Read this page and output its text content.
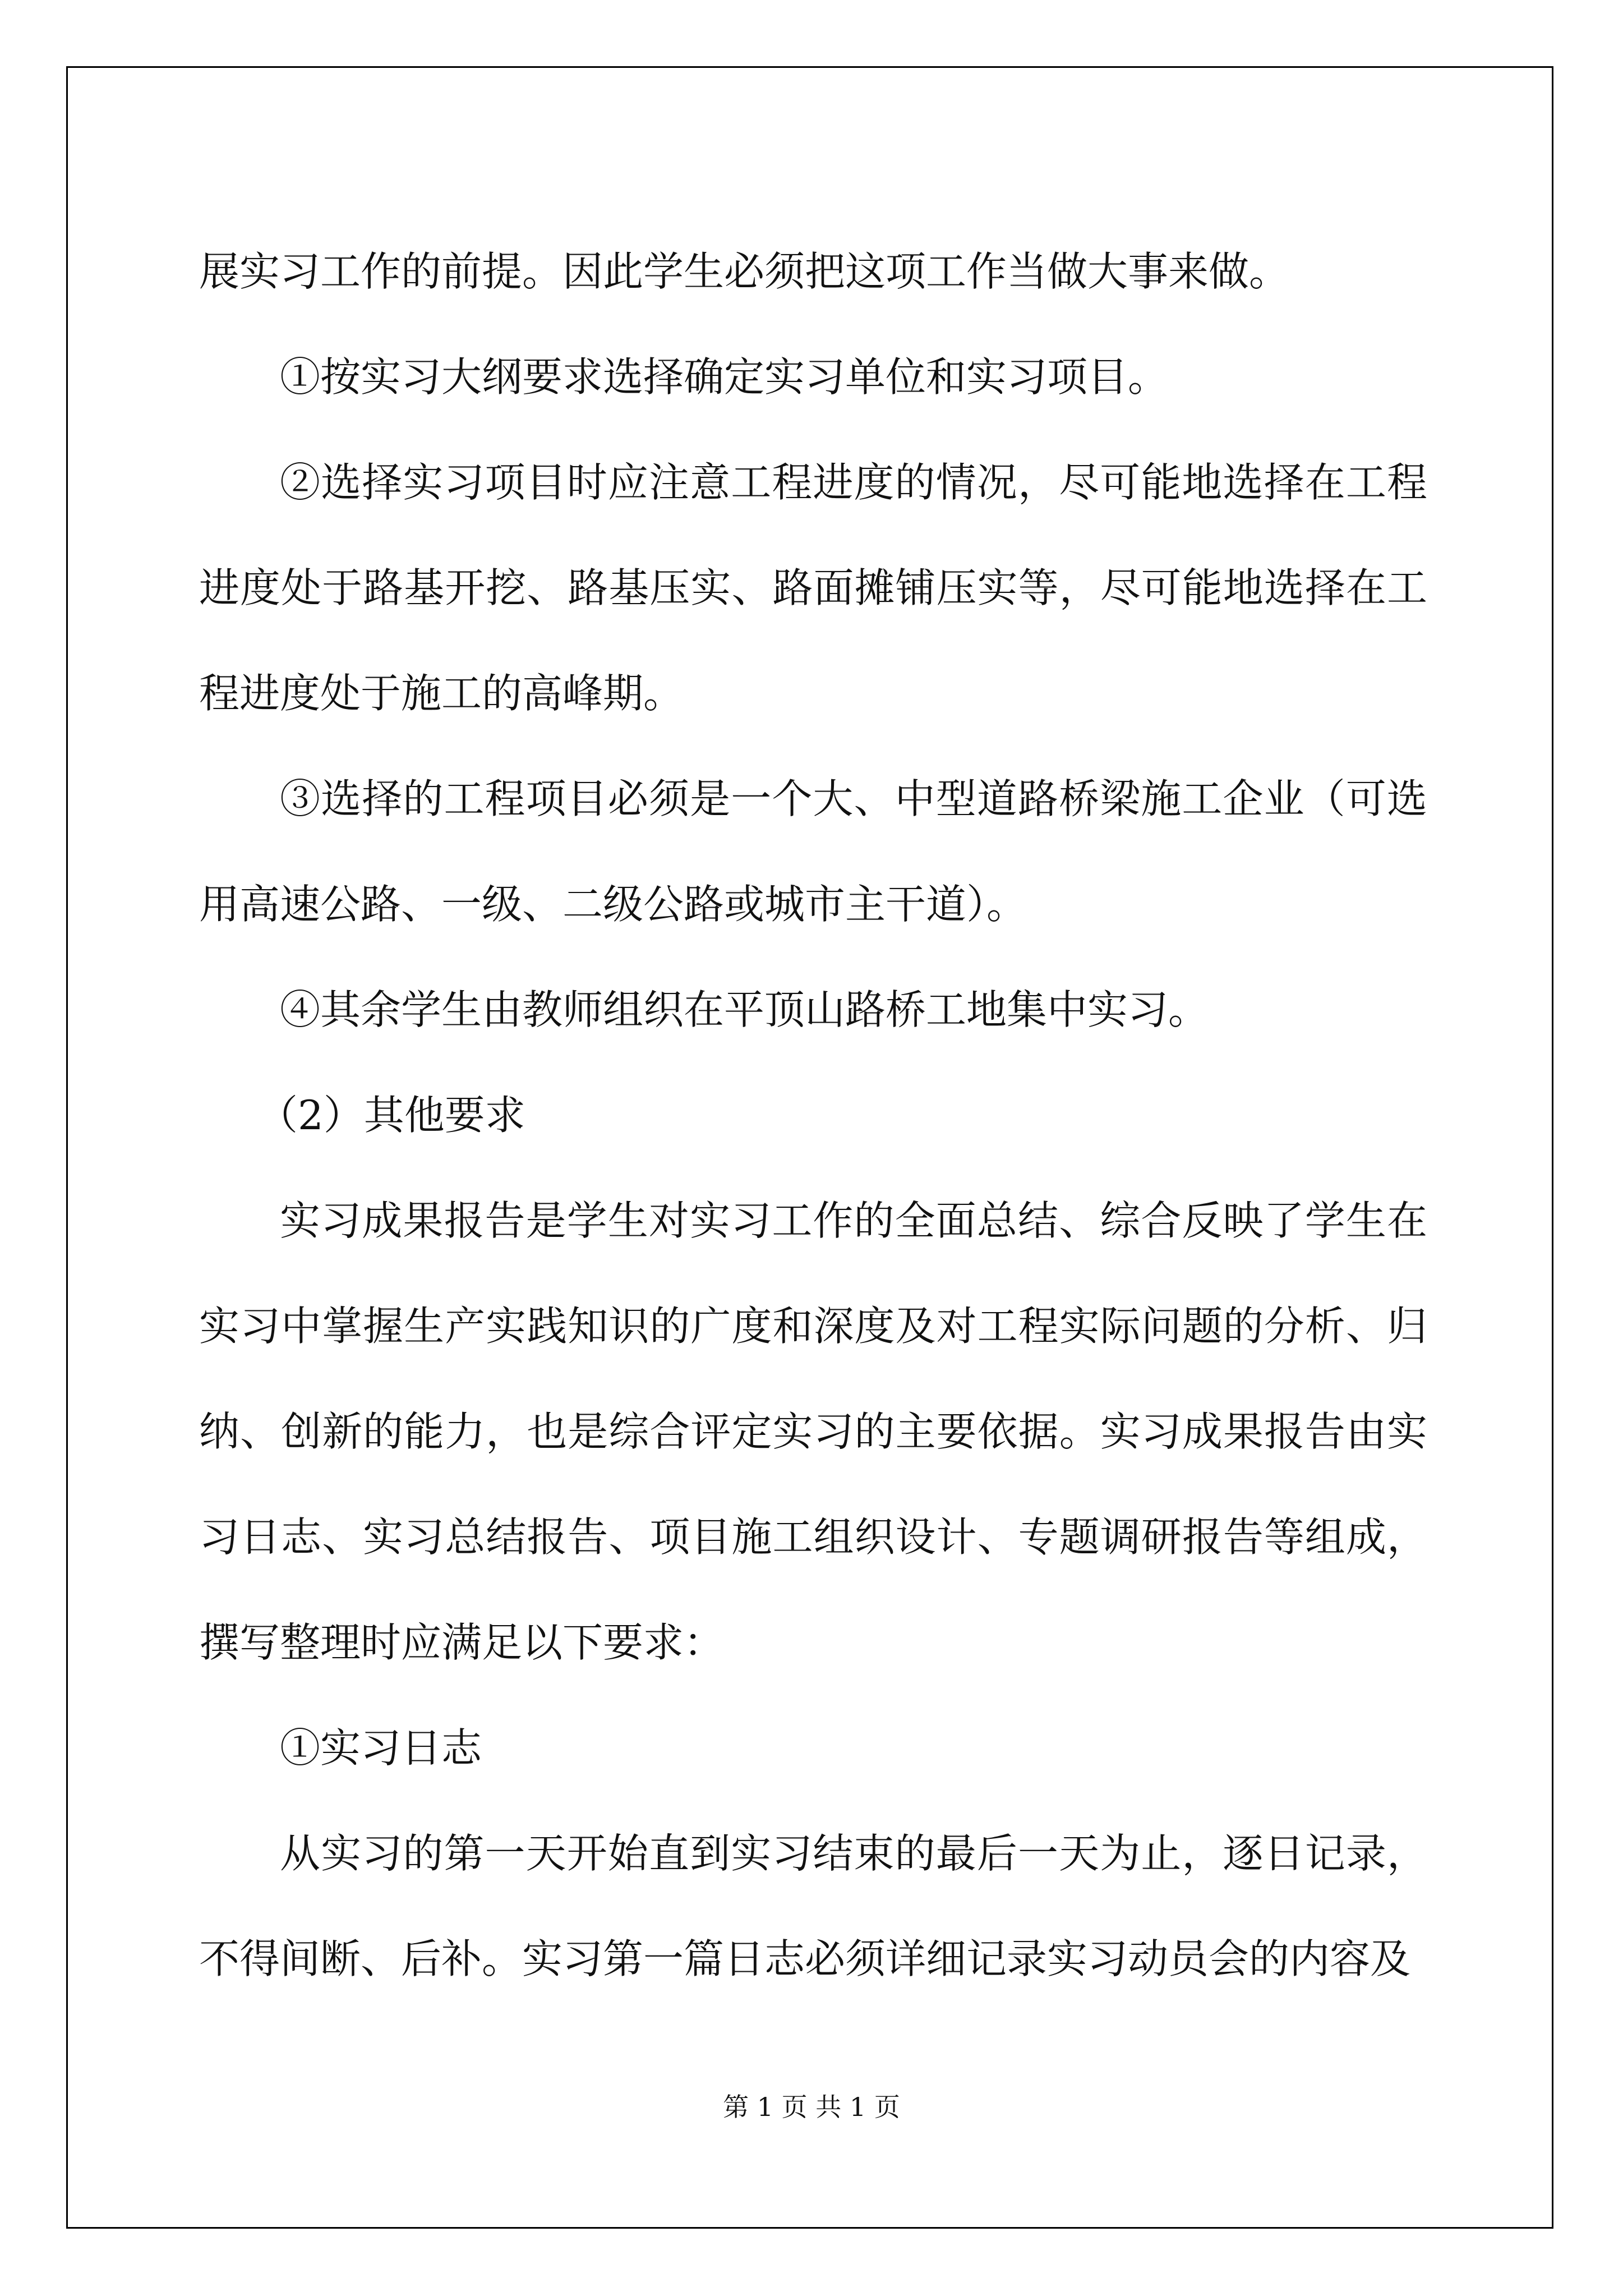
展实习工作的前提。因此学生必须把这项工作当做大事来做。

①按实习大纲要求选择确定实习单位和实习项目。

②选择实习项目时应注意工程进度的情况，尽可能地选择在工程进度处于路基开挖、路基压实、路面摊铺压实等，尽可能地选择在工程进度处于施工的高峰期。

③选择的工程项目必须是一个大、中型道路桥梁施工企业（可选用高速公路、一级、二级公路或城市主干道）。

④其余学生由教师组织在平顶山路桥工地集中实习。

（2）其他要求

实习成果报告是学生对实习工作的全面总结、综合反映了学生在实习中掌握生产实践知识的广度和深度及对工程实际问题的分析、归纳、创新的能力，也是综合评定实习的主要依据。实习成果报告由实习日志、实习总结报告、项目施工组织设计、专题调研报告等组成，撰写整理时应满足以下要求：

①实习日志

从实习的第一天开始直到实习结束的最后一天为止，逐日记录，不得间断、后补。实习第一篇日志必须详细记录实习动员会的内容及

第 1 页 共 1 页
